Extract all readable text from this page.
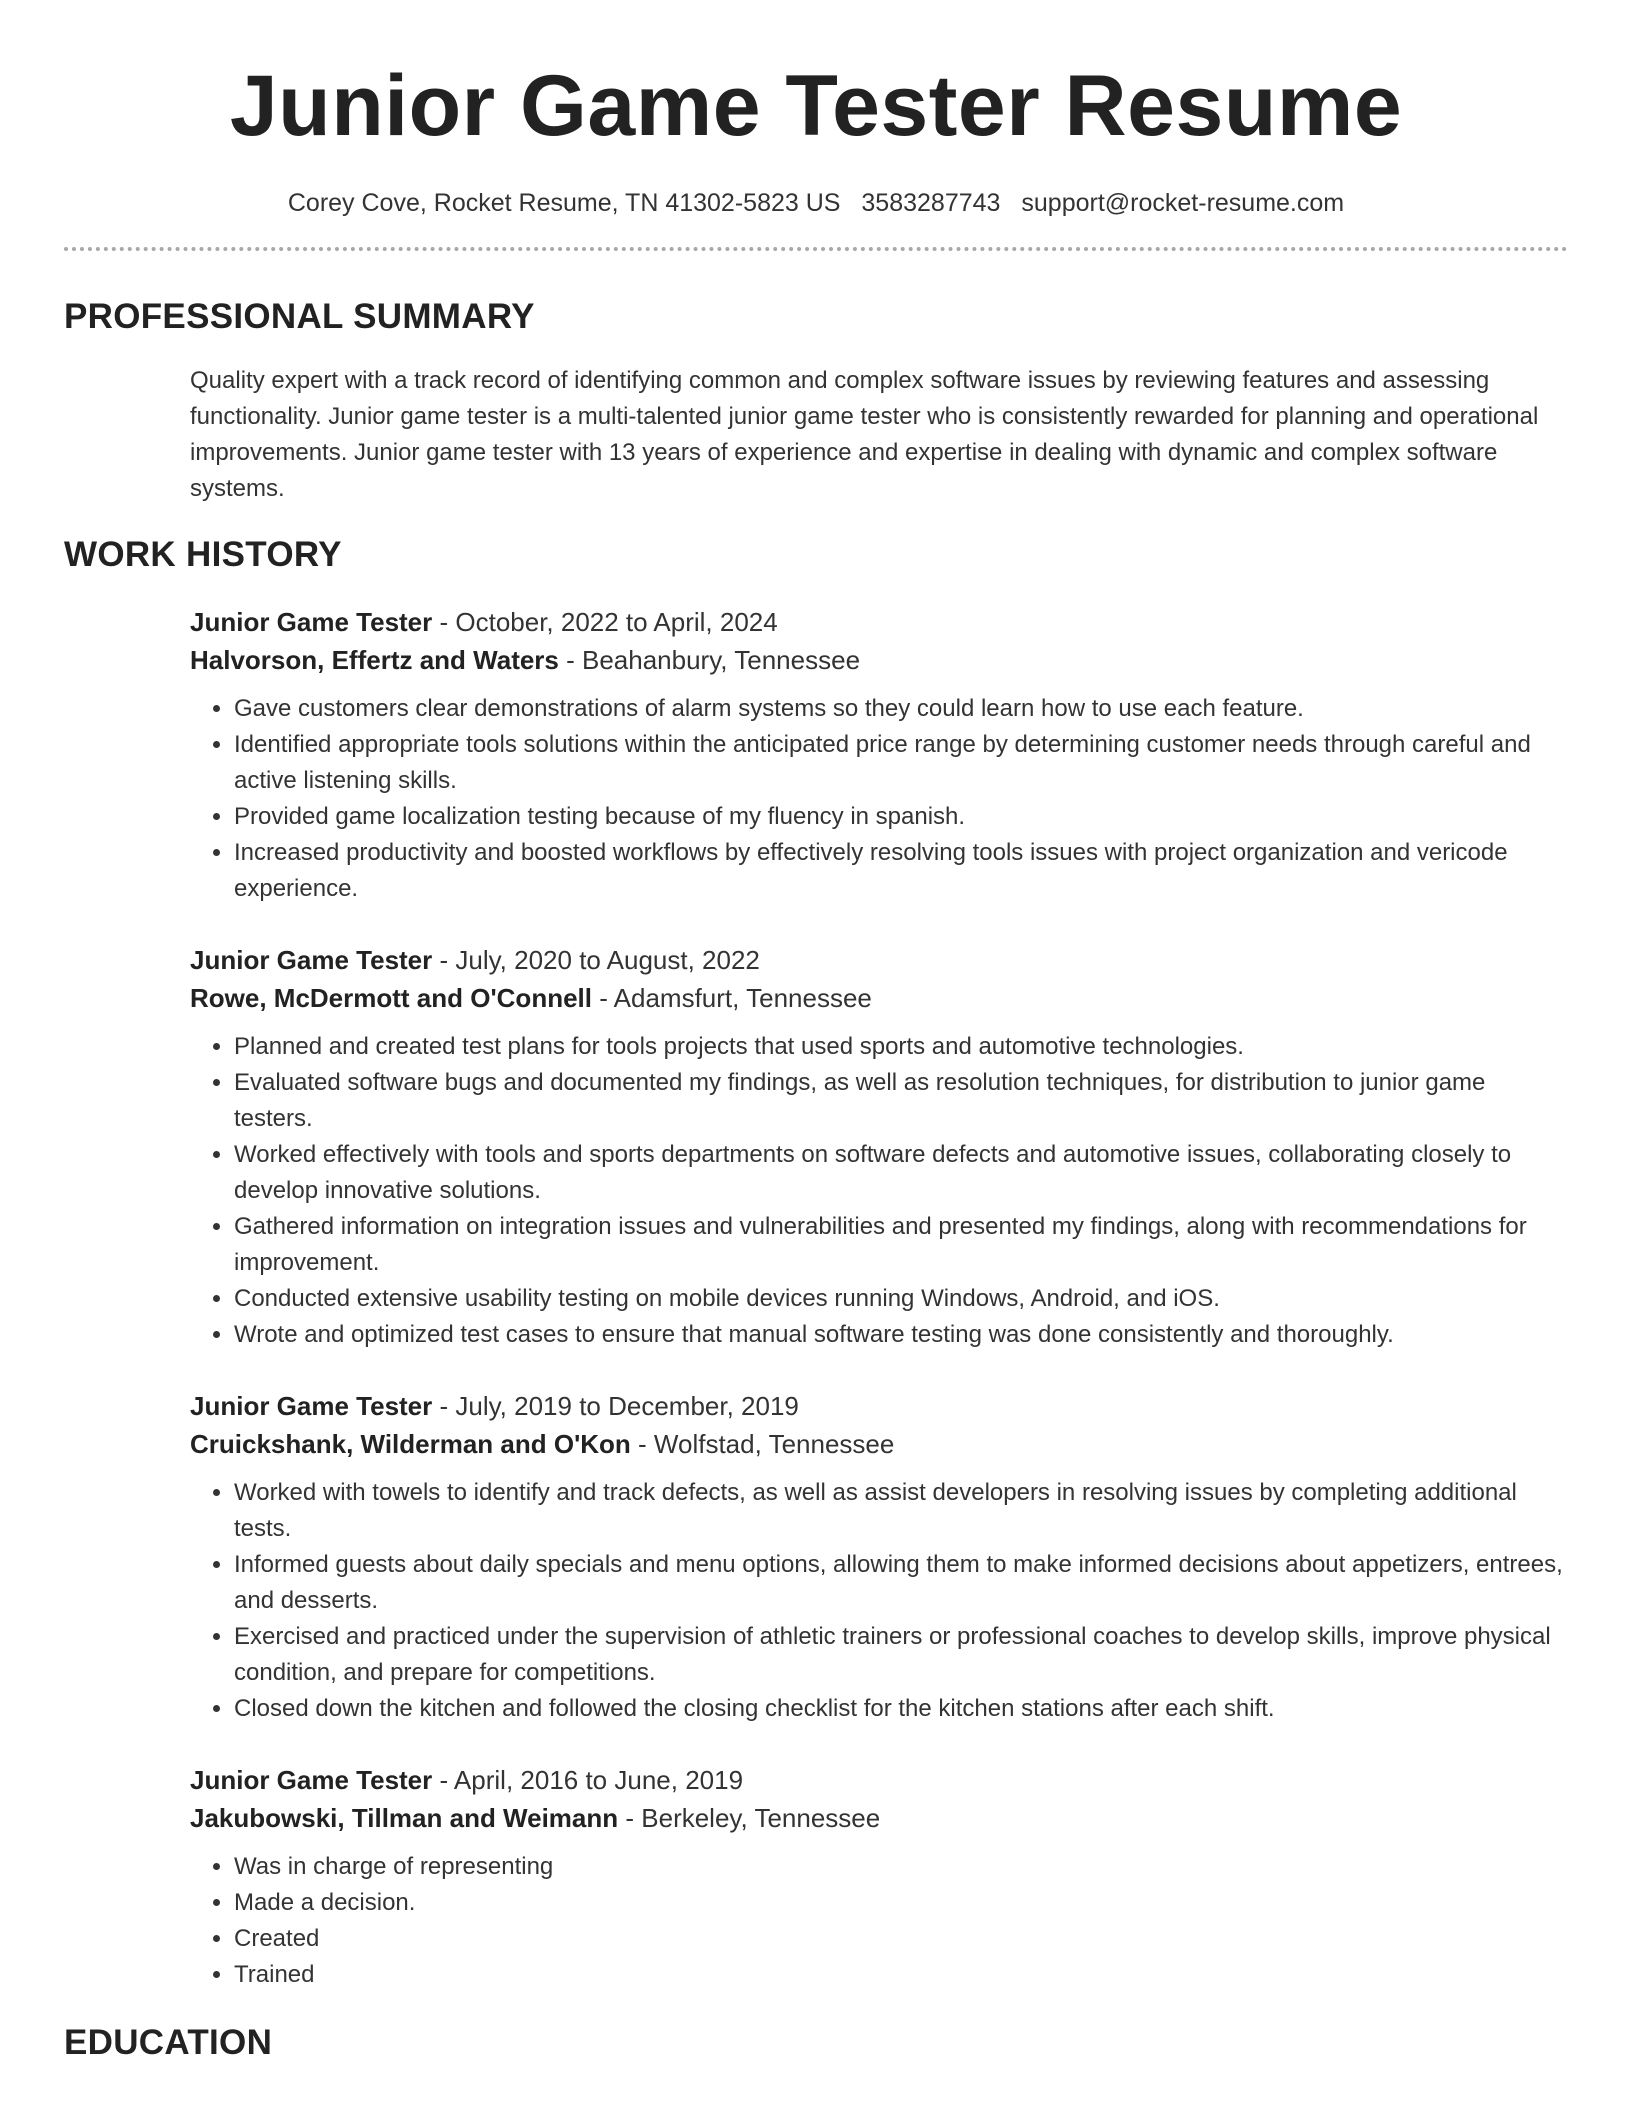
Junior Game Tester Resume
Corey Cove, Rocket Resume, TN 41302-5823 US 3583287743 support@rocket-resume.com
PROFESSIONAL SUMMARY

Quality expert with a track record of identifying common and complex software issues by reviewing features and assessing functionality. Junior game tester is a multi-talented junior game tester who is consistently rewarded for planning and operational improvements. Junior game tester with 13 years of experience and expertise in dealing with dynamic and complex software systems.

WORK HISTORY
Junior Game Tester - October, 2022 to April, 2024
Halvorson, Effertz and Waters - Beahanbury, Tennessee
• Gave customers clear demonstrations of alarm systems so they could learn how to use each feature.
• Identified appropriate tools solutions within the anticipated price range by determining customer needs through careful and active listening skills.
• Provided game localization testing because of my fluency in spanish.
• Increased productivity and boosted workflows by effectively resolving tools issues with project organization and vericode experience.
Junior Game Tester - July, 2020 to August, 2022
Rowe, McDermott and O'Connell - Adamsfurt, Tennessee
• Planned and created test plans for tools projects that used sports and automotive technologies.
• Evaluated software bugs and documented my findings, as well as resolution techniques, for distribution to junior game testers.
• Worked effectively with tools and sports departments on software defects and automotive issues, collaborating closely to develop innovative solutions.
• Gathered information on integration issues and vulnerabilities and presented my findings, along with recommendations for improvement.
• Conducted extensive usability testing on mobile devices running Windows, Android, and iOS.
• Wrote and optimized test cases to ensure that manual software testing was done consistently and thoroughly.
Junior Game Tester - July, 2019 to December, 2019
Cruickshank, Wilderman and O'Kon - Wolfstad, Tennessee
• Worked with towels to identify and track defects, as well as assist developers in resolving issues by completing additional tests.
• Informed guests about daily specials and menu options, allowing them to make informed decisions about appetizers, entrees, and desserts.
• Exercised and practiced under the supervision of athletic trainers or professional coaches to develop skills, improve physical condition, and prepare for competitions.
• Closed down the kitchen and followed the closing checklist for the kitchen stations after each shift.
Junior Game Tester - April, 2016 to June, 2019
Jakubowski, Tillman and Weimann - Berkeley, Tennessee
• Was in charge of representing
• Made a decision.
• Created
• Trained
EDUCATION
